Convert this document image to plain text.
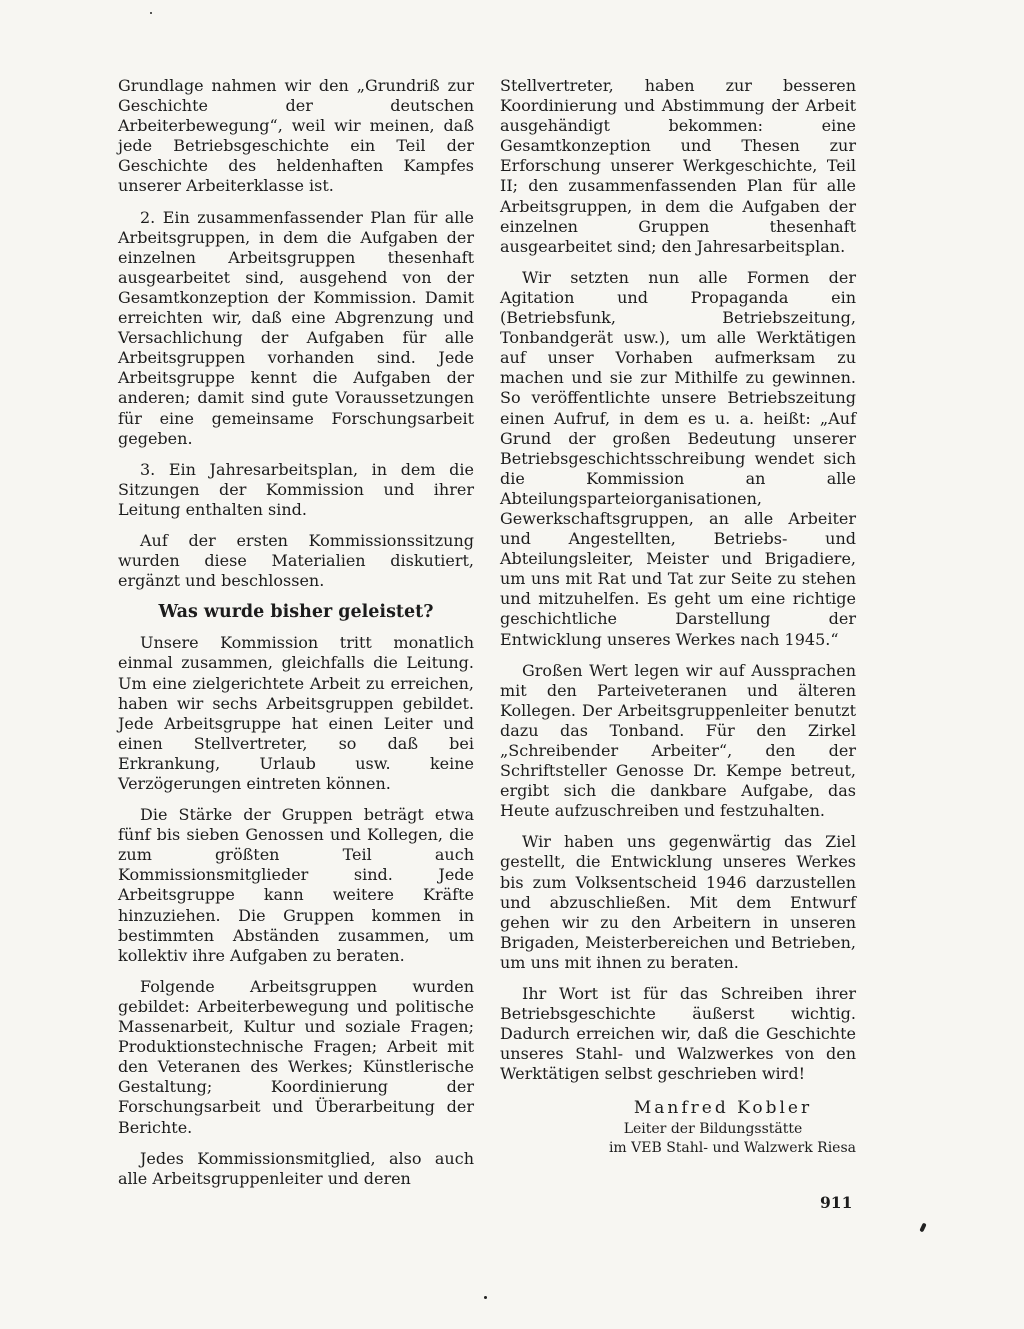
Grundlage nahmen wir den „Grundriß zur Geschichte der deutschen Arbeiterbewegung“, weil wir meinen, daß jede Betriebsgeschichte ein Teil der Geschichte des heldenhaften Kampfes unserer Arbeiterklasse ist.

2. Ein zusammenfassender Plan für alle Arbeitsgruppen, in dem die Aufgaben der einzelnen Arbeitsgruppen thesenhaft ausgearbeitet sind, ausgehend von der Gesamtkonzeption der Kommission. Damit erreichten wir, daß eine Abgrenzung und Versachlichung der Aufgaben für alle Arbeitsgruppen vorhanden sind. Jede Arbeitsgruppe kennt die Aufgaben der anderen; damit sind gute Voraussetzungen für eine gemeinsame Forschungsarbeit gegeben.

3. Ein Jahresarbeitsplan, in dem die Sitzungen der Kommission und ihrer Leitung enthalten sind.

Auf der ersten Kommissionssitzung wurden diese Materialien diskutiert, ergänzt und beschlossen.

Was wurde bisher geleistet?

Unsere Kommission tritt monatlich einmal zusammen, gleichfalls die Leitung. Um eine zielgerichtete Arbeit zu erreichen, haben wir sechs Arbeitsgruppen gebildet. Jede Arbeitsgruppe hat einen Leiter und einen Stellvertreter, so daß bei Erkrankung, Urlaub usw. keine Verzögerungen eintreten können.

Die Stärke der Gruppen beträgt etwa fünf bis sieben Genossen und Kollegen, die zum größten Teil auch Kommissionsmitglieder sind. Jede Arbeitsgruppe kann weitere Kräfte hinzuziehen. Die Gruppen kommen in bestimmten Abständen zusammen, um kollektiv ihre Aufgaben zu beraten.

Folgende Arbeitsgruppen wurden gebildet: Arbeiterbewegung und politische Massenarbeit, Kultur und soziale Fragen; Produktionstechnische Fragen; Arbeit mit den Veteranen des Werkes; Künstlerische Gestaltung; Koordinierung der Forschungsarbeit und Überarbeitung der Berichte.

Jedes Kommissionsmitglied, also auch alle Arbeitsgruppenleiter und deren

Stellvertreter, haben zur besseren Koordinierung und Abstimmung der Arbeit ausgehändigt bekommen: eine Gesamtkonzeption und Thesen zur Erforschung unserer Werkgeschichte, Teil II; den zusammenfassenden Plan für alle Arbeitsgruppen, in dem die Aufgaben der einzelnen Gruppen thesenhaft ausgearbeitet sind; den Jahresarbeitsplan.

Wir setzten nun alle Formen der Agitation und Propaganda ein (Betriebsfunk, Betriebszeitung, Tonbandgerät usw.), um alle Werktätigen auf unser Vorhaben aufmerksam zu machen und sie zur Mithilfe zu gewinnen. So veröffentlichte unsere Betriebszeitung einen Aufruf, in dem es u. a. heißt: „Auf Grund der großen Bedeutung unserer Betriebsgeschichtsschreibung wendet sich die Kommission an alle Abteilungsparteiorganisationen, Gewerkschaftsgruppen, an alle Arbeiter und Angestellten, Betriebs- und Abteilungsleiter, Meister und Brigadiere, um uns mit Rat und Tat zur Seite zu stehen und mitzuhelfen. Es geht um eine richtige geschichtliche Darstellung der Entwicklung unseres Werkes nach 1945.“

Großen Wert legen wir auf Aussprachen mit den Parteiveteranen und älteren Kollegen. Der Arbeitsgruppenleiter benutzt dazu das Tonband. Für den Zirkel „Schreibender Arbeiter“, den der Schriftsteller Genosse Dr. Kempe betreut, ergibt sich die dankbare Aufgabe, das Heute aufzuschreiben und festzuhalten.

Wir haben uns gegenwärtig das Ziel gestellt, die Entwicklung unseres Werkes bis zum Volksentscheid 1946 darzustellen und abzuschließen. Mit dem Entwurf gehen wir zu den Arbeitern in unseren Brigaden, Meisterbereichen und Betrieben, um uns mit ihnen zu beraten.

Ihr Wort ist für das Schreiben ihrer Betriebsgeschichte äußerst wichtig. Dadurch erreichen wir, daß die Geschichte unseres Stahl- und Walzwerkes von den Werktätigen selbst geschrieben wird!

Manfred Kobler
Leiter der Bildungsstätte
im VEB Stahl- und Walzwerk Riesa
911
